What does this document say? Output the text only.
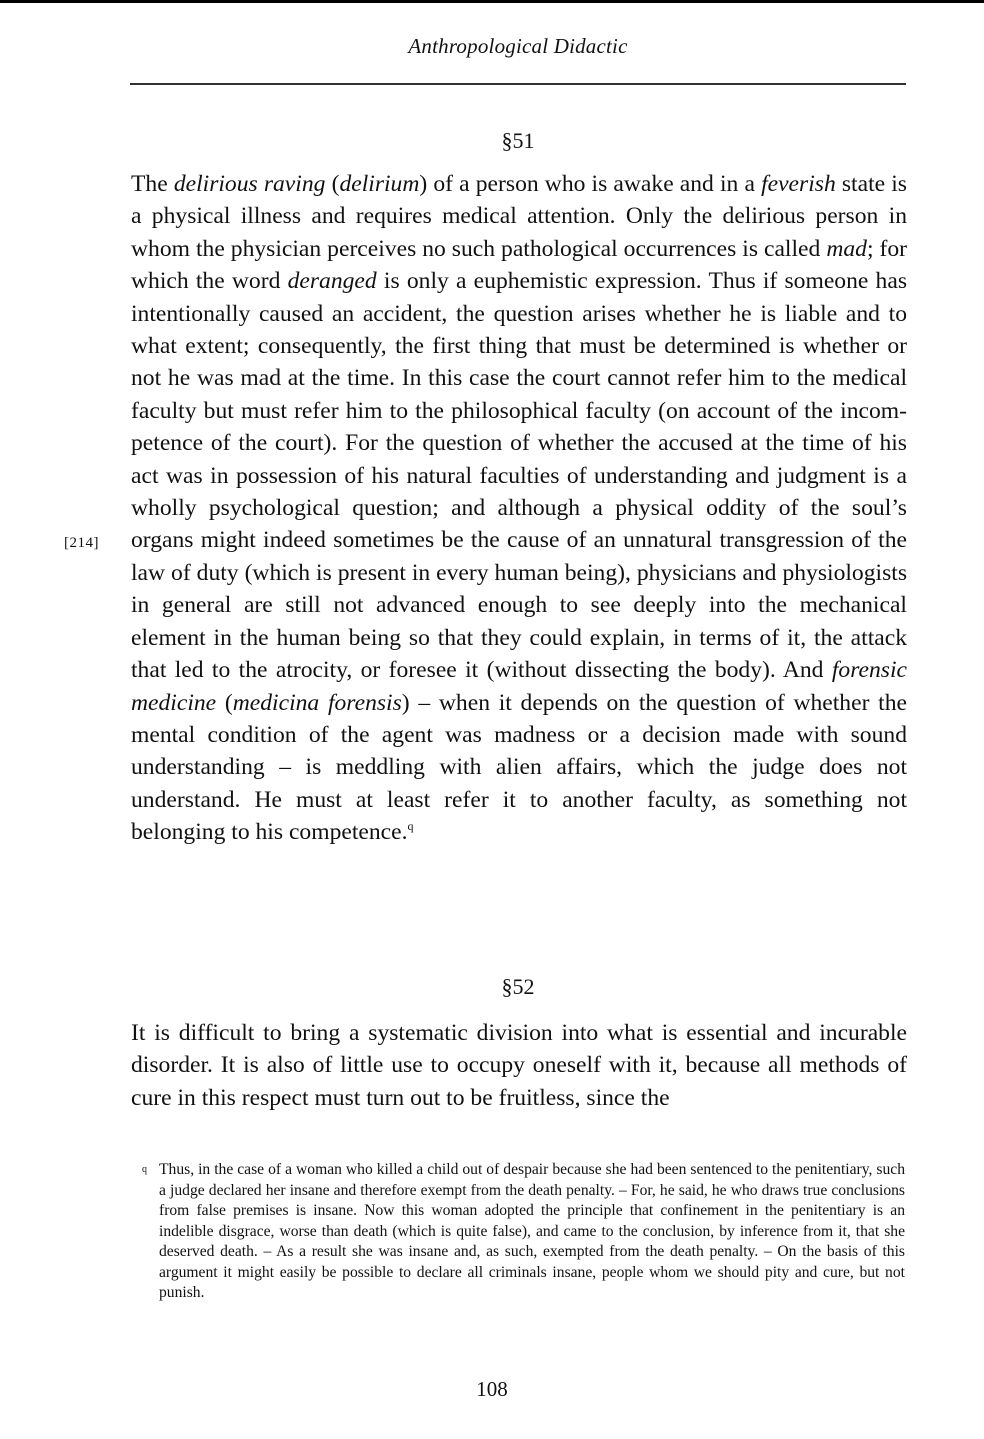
Anthropological Didactic
§51

The delirious raving (delirium) of a person who is awake and in a feverish state is a physical illness and requires medical attention. Only the delirious person in whom the physician perceives no such pathological occurrences is called mad; for which the word deranged is only a euphemistic expression. Thus if someone has intentionally caused an accident, the question arises whether he is liable and to what extent; consequently, the first thing that must be determined is whether or not he was mad at the time. In this case the court cannot refer him to the medical faculty but must refer him to the philosophical faculty (on account of the incompetence of the court). For the question of whether the accused at the time of his act was in possession of his natural faculties of understanding and judgment is a wholly psychological question; and although a physical oddity of the soul’s organs might indeed sometimes be the cause of an unnatural transgression of the law of duty (which is present in every human being), physicians and physiologists in general are still not advanced enough to see deeply into the mechanical element in the human being so that they could explain, in terms of it, the attack that led to the atrocity, or foresee it (without dissecting the body). And forensic medicine (medicina forensis) – when it depends on the question of whether the mental condition of the agent was madness or a decision made with sound understanding – is meddling with alien affairs, which the judge does not understand. He must at least refer it to another faculty, as something not belonging to his competence.$^q$

[214]
§52

It is difficult to bring a systematic division into what is essential and incurable disorder. It is also of little use to occupy oneself with it, because all methods of cure in this respect must turn out to be fruitless, since the

q Thus, in the case of a woman who killed a child out of despair because she had been sentenced to the penitentiary, such a judge declared her insane and therefore exempt from the death penalty. – For, he said, he who draws true conclusions from false premises is insane. Now this woman adopted the principle that confinement in the penitentiary is an indelible disgrace, worse than death (which is quite false), and came to the conclusion, by inference from it, that she deserved death. – As a result she was insane and, as such, exempted from the death penalty. – On the basis of this argument it might easily be possible to declare all criminals insane, people whom we should pity and cure, but not punish.
108
